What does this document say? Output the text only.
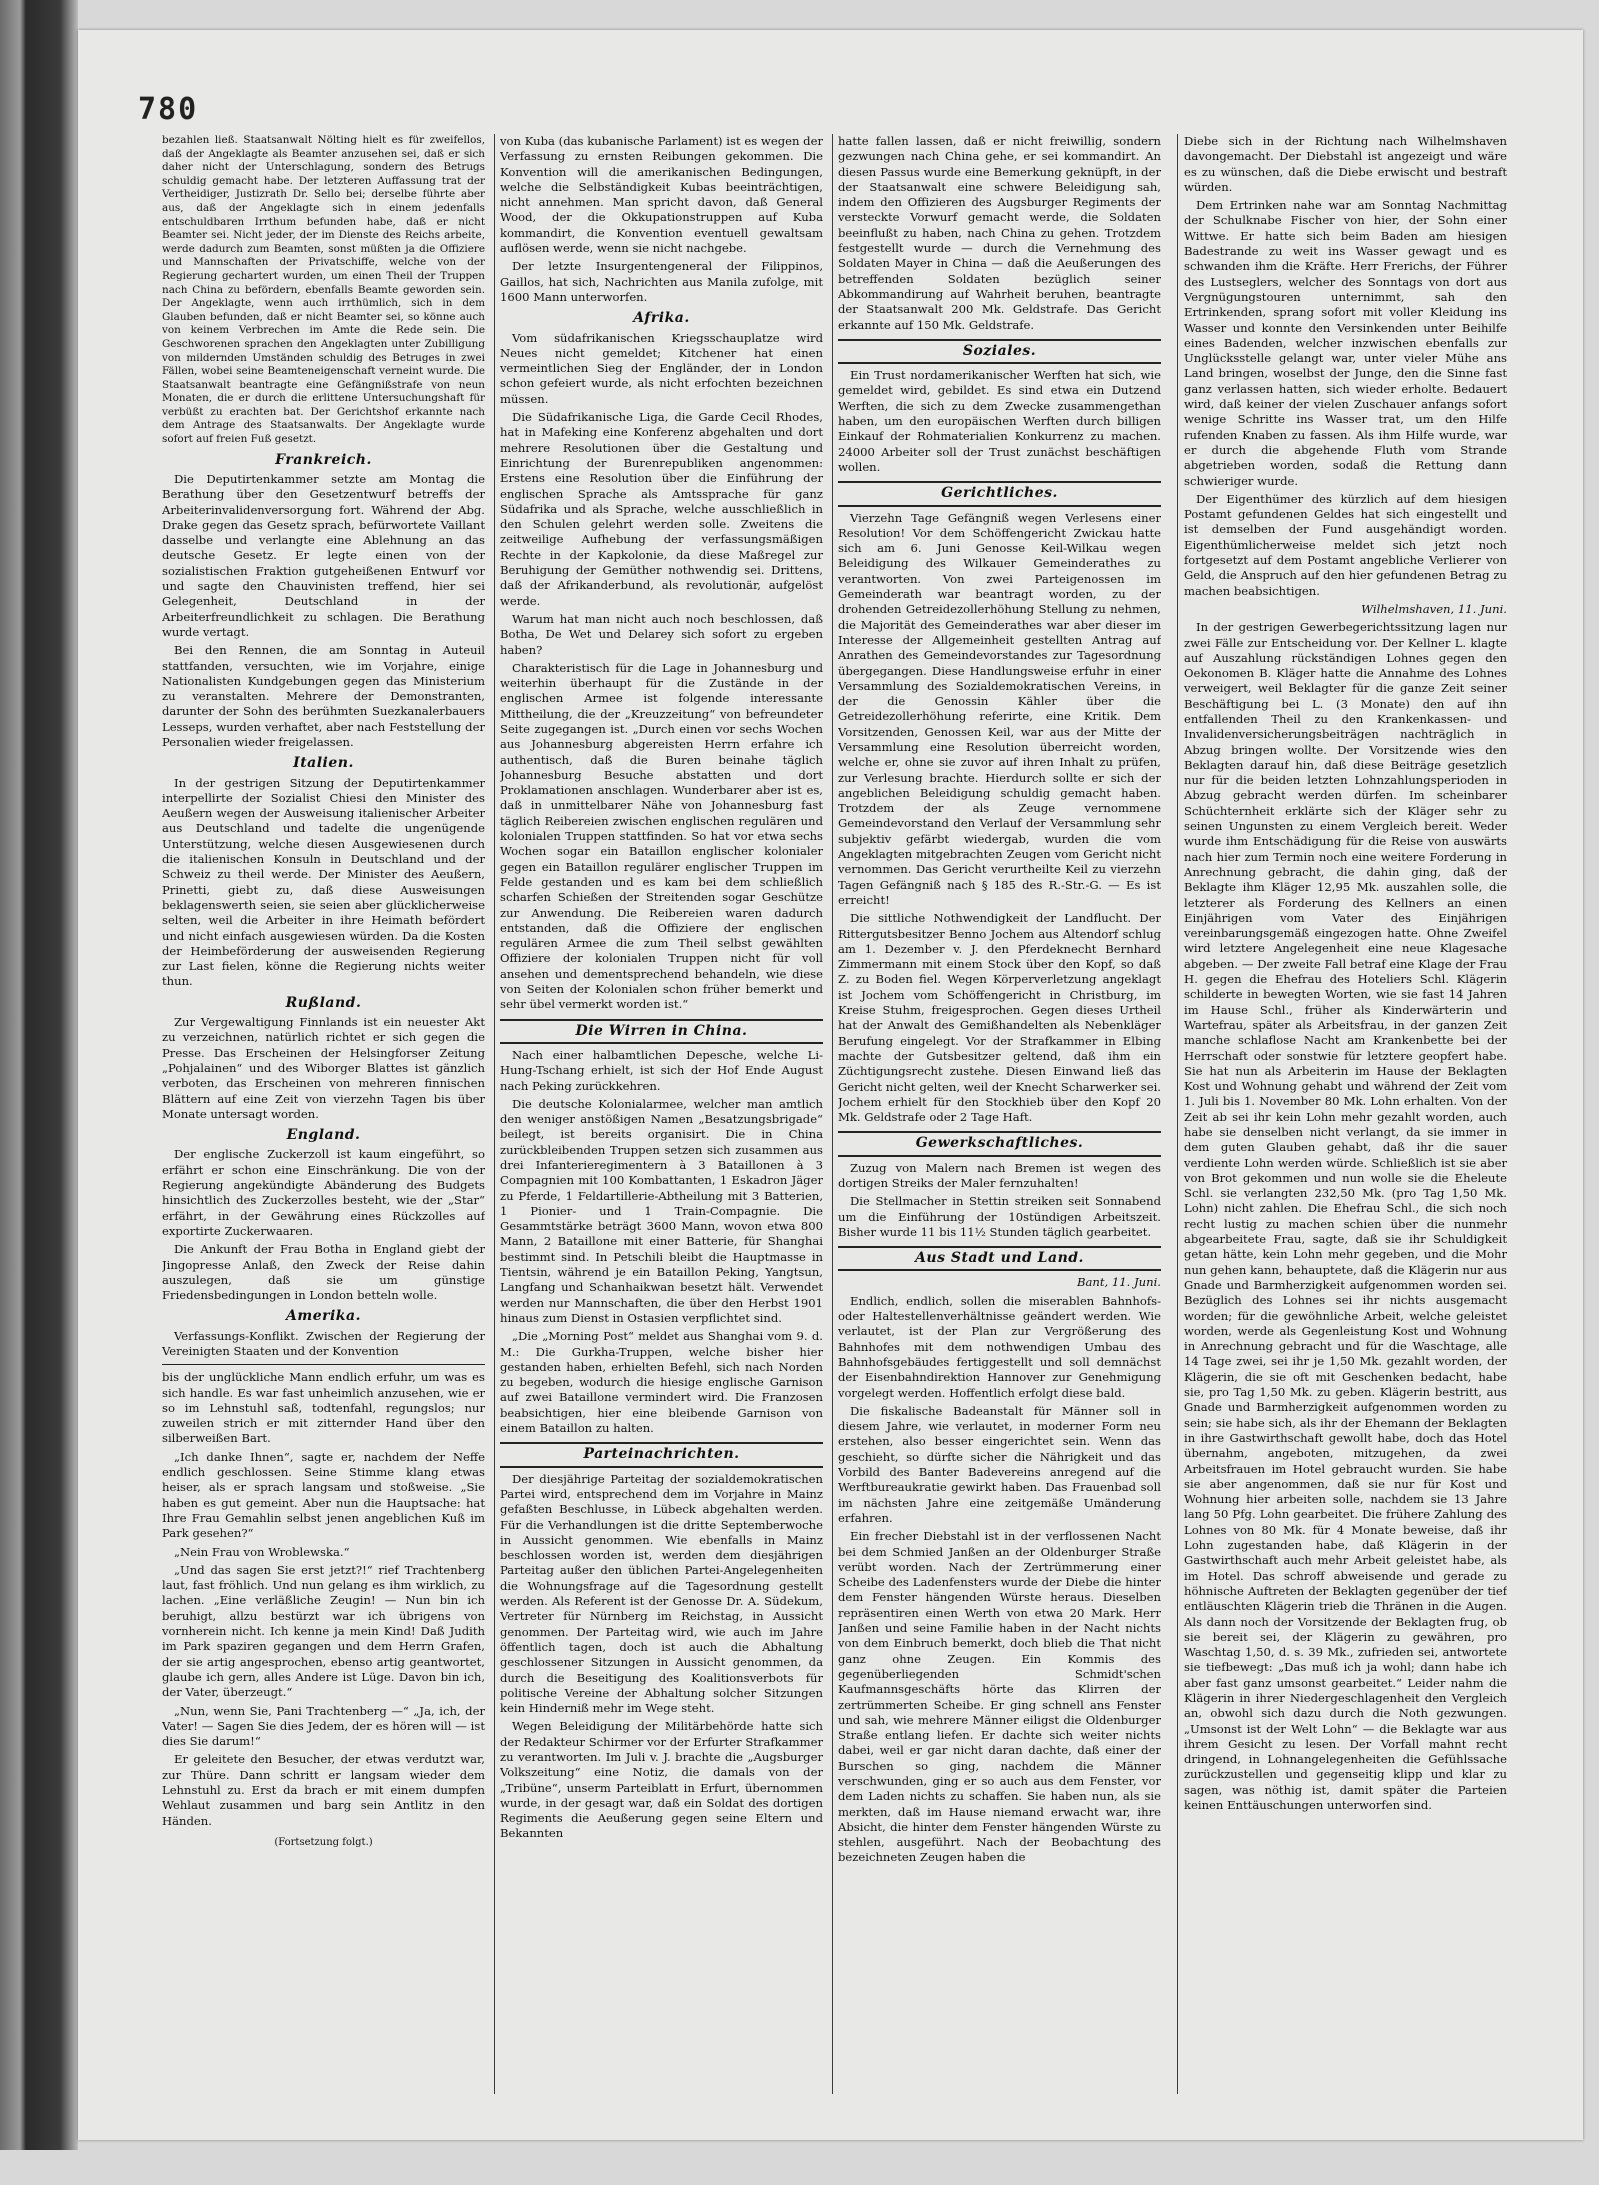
780

bezahlen ließ. Staatsanwalt Nölting hielt es für zweifellos, daß der Angeklagte als Beamter anzusehen sei, daß er sich daher nicht der Unterschlagung, sondern des Betrugs schuldig gemacht habe. Der letzteren Auffassung trat der Vertheidiger, Justizrath Dr. Sello bei; derselbe führte aber aus, daß der Angeklagte sich in einem jedenfalls entschuldbaren Irrthum befunden habe, daß er nicht Beamter sei. Nicht jeder, der im Dienste des Reichs arbeite, werde dadurch zum Beamten, sonst müßten ja die Offiziere und Mannschaften der Privatschiffe, welche von der Regierung gechartert wurden, um einen Theil der Truppen nach China zu befördern, ebenfalls Beamte geworden sein. Der Angeklagte, wenn auch irrthümlich, sich in dem Glauben befunden, daß er nicht Beamter sei, so könne auch von keinem Verbrechen im Amte die Rede sein. Die Geschworenen sprachen den Angeklagten unter Zubilligung von mildernden Umständen schuldig des Betruges in zwei Fällen, wobei seine Beamteneigenschaft verneint wurde. Die Staatsanwalt beantragte eine Gefängnißstrafe von neun Monaten, die er durch die erlittene Untersuchungshaft für verbüßt zu erachten bat. Der Gerichtshof erkannte nach dem Antrage des Staatsanwalts. Der Angeklagte wurde sofort auf freien Fuß gesetzt.

Frankreich.

Die Deputirtenkammer setzte am Montag die Berathung über den Gesetzentwurf betreffs der Arbeiterinvalidenversorgung fort. Während der Abg. Drake gegen das Gesetz sprach, befürwortete Vaillant dasselbe und verlangte eine Ablehnung an das deutsche Gesetz. Er legte einen von der sozialistischen Fraktion gutgeheißenen Entwurf vor und sagte den Chauvinisten treffend, hier sei Gelegenheit, Deutschland in der Arbeiterfreundlichkeit zu schlagen. Die Berathung wurde vertagt.

Bei den Rennen, die am Sonntag in Auteuil stattfanden, versuchten, wie im Vorjahre, einige Nationalisten Kundgebungen gegen das Ministerium zu veranstalten. Mehrere der Demonstranten, darunter der Sohn des berühmten Suezkanalerbauers Lesseps, wurden verhaftet, aber nach Feststellung der Personalien wieder freigelassen.

Italien.

In der gestrigen Sitzung der Deputirtenkammer interpellirte der Sozialist Chiesi den Minister des Aeußern wegen der Ausweisung italienischer Arbeiter aus Deutschland und tadelte die ungenügende Unterstützung, welche diesen Ausgewiesenen durch die italienischen Konsuln in Deutschland und der Schweiz zu theil werde. Der Minister des Aeußern, Prinetti, giebt zu, daß diese Ausweisungen beklagenswerth seien, sie seien aber glücklicherweise selten, weil die Arbeiter in ihre Heimath befördert und nicht einfach ausgewiesen würden. Da die Kosten der Heimbeförderung der ausweisenden Regierung zur Last fielen, könne die Regierung nichts weiter thun.

Rußland.

Zur Vergewaltigung Finnlands ist ein neuester Akt zu verzeichnen, natürlich richtet er sich gegen die Presse. Das Erscheinen der Helsingforser Zeitung „Pohjalainen“ und des Wiborger Blattes ist gänzlich verboten, das Erscheinen von mehreren finnischen Blättern auf eine Zeit von vierzehn Tagen bis über Monate untersagt worden.

England.

Der englische Zuckerzoll ist kaum eingeführt, so erfährt er schon eine Einschränkung. Die von der Regierung angekündigte Abänderung des Budgets hinsichtlich des Zuckerzolles besteht, wie der „Star“ erfährt, in der Gewährung eines Rückzolles auf exportirte Zuckerwaaren.

Die Ankunft der Frau Botha in England giebt der Jingopresse Anlaß, den Zweck der Reise dahin auszulegen, daß sie um günstige Friedensbedingungen in London betteln wolle.

Amerika.

Verfassungs-Konflikt. Zwischen der Regierung der Vereinigten Staaten und der Konvention

bis der unglückliche Mann endlich erfuhr, um was es sich handle. Es war fast unheimlich anzusehen, wie er so im Lehnstuhl saß, todtenfahl, regungslos; nur zuweilen strich er mit zitternder Hand über den silberweißen Bart.

„Ich danke Ihnen“, sagte er, nachdem der Neffe endlich geschlossen. Seine Stimme klang etwas heiser, als er sprach langsam und stoßweise. „Sie haben es gut gemeint. Aber nun die Hauptsache: hat Ihre Frau Gemahlin selbst jenen angeblichen Kuß im Park gesehen?“

„Nein Frau von Wroblewska.“

„Und das sagen Sie erst jetzt?!“ rief Trachtenberg laut, fast fröhlich. Und nun gelang es ihm wirklich, zu lachen. „Eine verläßliche Zeugin! — Nun bin ich beruhigt, allzu bestürzt war ich übrigens von vornherein nicht. Ich kenne ja mein Kind! Daß Judith im Park spaziren gegangen und dem Herrn Grafen, der sie artig angesprochen, ebenso artig geantwortet, glaube ich gern, alles Andere ist Lüge. Davon bin ich, der Vater, überzeugt.“

„Nun, wenn Sie, Pani Trachtenberg —“ „Ja, ich, der Vater! — Sagen Sie dies Jedem, der es hören will — ist dies Sie darum!“

Er geleitete den Besucher, der etwas verdutzt war, zur Thüre. Dann schritt er langsam wieder dem Lehnstuhl zu. Erst da brach er mit einem dumpfen Wehlaut zusammen und barg sein Antlitz in den Händen.

(Fortsetzung folgt.)

von Kuba (das kubanische Parlament) ist es wegen der Verfassung zu ernsten Reibungen gekommen. Die Konvention will die amerikanischen Bedingungen, welche die Selbständigkeit Kubas beeinträchtigen, nicht annehmen. Man spricht davon, daß General Wood, der die Okkupationstruppen auf Kuba kommandirt, die Konvention eventuell gewaltsam auflösen werde, wenn sie nicht nachgebe.

Der letzte Insurgentengeneral der Filippinos, Gaillos, hat sich, Nachrichten aus Manila zufolge, mit 1600 Mann unterworfen.

Afrika.

Vom südafrikanischen Kriegsschauplatze wird Neues nicht gemeldet; Kitchener hat einen vermeintlichen Sieg der Engländer, der in London schon gefeiert wurde, als nicht erfochten bezeichnen müssen.

Die Südafrikanische Liga, die Garde Cecil Rhodes, hat in Mafeking eine Konferenz abgehalten und dort mehrere Resolutionen über die Gestaltung und Einrichtung der Burenrepubliken angenommen: Erstens eine Resolution über die Einführung der englischen Sprache als Amtssprache für ganz Südafrika und als Sprache, welche ausschließlich in den Schulen gelehrt werden solle. Zweitens die zeitweilige Aufhebung der verfassungsmäßigen Rechte in der Kapkolonie, da diese Maßregel zur Beruhigung der Gemüther nothwendig sei. Drittens, daß der Afrikanderbund, als revolutionär, aufgelöst werde.

Warum hat man nicht auch noch beschlossen, daß Botha, De Wet und Delarey sich sofort zu ergeben haben?

Charakteristisch für die Lage in Johannesburg und weiterhin überhaupt für die Zustände in der englischen Armee ist folgende interessante Mittheilung, die der „Kreuzzeitung“ von befreundeter Seite zugegangen ist. „Durch einen vor sechs Wochen aus Johannesburg abgereisten Herrn erfahre ich authentisch, daß die Buren beinahe täglich Johannesburg Besuche abstatten und dort Proklamationen anschlagen. Wunderbarer aber ist es, daß in unmittelbarer Nähe von Johannesburg fast täglich Reibereien zwischen englischen regulären und kolonialen Truppen stattfinden. So hat vor etwa sechs Wochen sogar ein Bataillon englischer kolonialer gegen ein Bataillon regulärer englischer Truppen im Felde gestanden und es kam bei dem schließlich scharfen Schießen der Streitenden sogar Geschütze zur Anwendung. Die Reibereien waren dadurch entstanden, daß die Offiziere der englischen regulären Armee die zum Theil selbst gewählten Offiziere der kolonialen Truppen nicht für voll ansehen und dementsprechend behandeln, wie diese von Seiten der Kolonialen schon früher bemerkt und sehr übel vermerkt worden ist.“

Die Wirren in China.

Nach einer halbamtlichen Depesche, welche Li-Hung-Tschang erhielt, ist sich der Hof Ende August nach Peking zurückkehren.

Die deutsche Kolonialarmee, welcher man amtlich den weniger anstößigen Namen „Besatzungsbrigade“ beilegt, ist bereits organisirt. Die in China zurückbleibenden Truppen setzen sich zusammen aus drei Infanterieregimentern à 3 Bataillonen à 3 Compagnien mit 100 Kombattanten, 1 Eskadron Jäger zu Pferde, 1 Feldartillerie-Abtheilung mit 3 Batterien, 1 Pionier- und 1 Train-Compagnie. Die Gesammtstärke beträgt 3600 Mann, wovon etwa 800 Mann, 2 Bataillone mit einer Batterie, für Shanghai bestimmt sind. In Petschili bleibt die Hauptmasse in Tientsin, während je ein Bataillon Peking, Yangtsun, Langfang und Schanhaikwan besetzt hält. Verwendet werden nur Mannschaften, die über den Herbst 1901 hinaus zum Dienst in Ostasien verpflichtet sind.

„Die „Morning Post“ meldet aus Shanghai vom 9. d. M.: Die Gurkha-Truppen, welche bisher hier gestanden haben, erhielten Befehl, sich nach Norden zu begeben, wodurch die hiesige englische Garnison auf zwei Bataillone vermindert wird. Die Franzosen beabsichtigen, hier eine bleibende Garnison von einem Bataillon zu halten.

Parteinachrichten.

Der diesjährige Parteitag der sozialdemokratischen Partei wird, entsprechend dem im Vorjahre in Mainz gefaßten Beschlusse, in Lübeck abgehalten werden. Für die Verhandlungen ist die dritte Septemberwoche in Aussicht genommen. Wie ebenfalls in Mainz beschlossen worden ist, werden dem diesjährigen Parteitag außer den üblichen Partei-Angelegenheiten die Wohnungsfrage auf die Tagesordnung gestellt werden. Als Referent ist der Genosse Dr. A. Südekum, Vertreter für Nürnberg im Reichstag, in Aussicht genommen. Der Parteitag wird, wie auch im Jahre öffentlich tagen, doch ist auch die Abhaltung geschlossener Sitzungen in Aussicht genommen, da durch die Beseitigung des Koalitionsverbots für politische Vereine der Abhaltung solcher Sitzungen kein Hinderniß mehr im Wege steht.

Wegen Beleidigung der Militärbehörde hatte sich der Redakteur Schirmer vor der Erfurter Strafkammer zu verantworten. Im Juli v. J. brachte die „Augsburger Volkszeitung“ eine Notiz, die damals von der „Tribüne“, unserm Parteiblatt in Erfurt, übernommen wurde, in der gesagt war, daß ein Soldat des dortigen Regiments die Aeußerung gegen seine Eltern und Bekannten

hatte fallen lassen, daß er nicht freiwillig, sondern gezwungen nach China gehe, er sei kommandirt. An diesen Passus wurde eine Bemerkung geknüpft, in der der Staatsanwalt eine schwere Beleidigung sah, indem den Offizieren des Augsburger Regiments der versteckte Vorwurf gemacht werde, die Soldaten beeinflußt zu haben, nach China zu gehen. Trotzdem festgestellt wurde — durch die Vernehmung des Soldaten Mayer in China — daß die Aeußerungen des betreffenden Soldaten bezüglich seiner Abkommandirung auf Wahrheit beruhen, beantragte der Staatsanwalt 200 Mk. Geldstrafe. Das Gericht erkannte auf 150 Mk. Geldstrafe.

Soziales.

Ein Trust nordamerikanischer Werften hat sich, wie gemeldet wird, gebildet. Es sind etwa ein Dutzend Werften, die sich zu dem Zwecke zusammengethan haben, um den europäischen Werften durch billigen Einkauf der Rohmaterialien Konkurrenz zu machen. 24000 Arbeiter soll der Trust zunächst beschäftigen wollen.

Gerichtliches.

Vierzehn Tage Gefängniß wegen Verlesens einer Resolution! Vor dem Schöffengericht Zwickau hatte sich am 6. Juni Genosse Keil-Wilkau wegen Beleidigung des Wilkauer Gemeinderathes zu verantworten. Von zwei Parteigenossen im Gemeinderath war beantragt worden, zu der drohenden Getreidezollerhöhung Stellung zu nehmen, die Majorität des Gemeinderathes war aber dieser im Interesse der Allgemeinheit gestellten Antrag auf Anrathen des Gemeindevorstandes zur Tagesordnung übergegangen. Diese Handlungsweise erfuhr in einer Versammlung des Sozialdemokratischen Vereins, in der die Genossin Kähler über die Getreidezollerhöhung referirte, eine Kritik. Dem Vorsitzenden, Genossen Keil, war aus der Mitte der Versammlung eine Resolution überreicht worden, welche er, ohne sie zuvor auf ihren Inhalt zu prüfen, zur Verlesung brachte. Hierdurch sollte er sich der angeblichen Beleidigung schuldig gemacht haben. Trotzdem der als Zeuge vernommene Gemeindevorstand den Verlauf der Versammlung sehr subjektiv gefärbt wiedergab, wurden die vom Angeklagten mitgebrachten Zeugen vom Gericht nicht vernommen. Das Gericht verurtheilte Keil zu vierzehn Tagen Gefängniß nach § 185 des R.-Str.-G. — Es ist erreicht!

Die sittliche Nothwendigkeit der Landflucht. Der Rittergutsbesitzer Benno Jochem aus Altendorf schlug am 1. Dezember v. J. den Pferdeknecht Bernhard Zimmermann mit einem Stock über den Kopf, so daß Z. zu Boden fiel. Wegen Körperverletzung angeklagt ist Jochem vom Schöffengericht in Christburg, im Kreise Stuhm, freigesprochen. Gegen dieses Urtheil hat der Anwalt des Gemißhandelten als Nebenkläger Berufung eingelegt. Vor der Strafkammer in Elbing machte der Gutsbesitzer geltend, daß ihm ein Züchtigungsrecht zustehe. Diesen Einwand ließ das Gericht nicht gelten, weil der Knecht Scharwerker sei. Jochem erhielt für den Stockhieb über den Kopf 20 Mk. Geldstrafe oder 2 Tage Haft.

Gewerkschaftliches.

Zuzug von Malern nach Bremen ist wegen des dortigen Streiks der Maler fernzuhalten!

Die Stellmacher in Stettin streiken seit Sonnabend um die Einführung der 10stündigen Arbeitszeit. Bisher wurde 11 bis 11½ Stunden täglich gearbeitet.

Aus Stadt und Land.

Bant, 11. Juni.

Endlich, endlich, sollen die miserablen Bahnhofs- oder Haltestellenverhältnisse geändert werden. Wie verlautet, ist der Plan zur Vergrößerung des Bahnhofes mit dem nothwendigen Umbau des Bahnhofsgebäudes fertiggestellt und soll demnächst der Eisenbahndirektion Hannover zur Genehmigung vorgelegt werden. Hoffentlich erfolgt diese bald.

Die fiskalische Badeanstalt für Männer soll in diesem Jahre, wie verlautet, in moderner Form neu erstehen, also besser eingerichtet sein. Wenn das geschieht, so dürfte sicher die Nährigkeit und das Vorbild des Banter Badevereins anregend auf die Werftbureaukratie gewirkt haben. Das Frauenbad soll im nächsten Jahre eine zeitgemäße Umänderung erfahren.

Ein frecher Diebstahl ist in der verflossenen Nacht bei dem Schmied Janßen an der Oldenburger Straße verübt worden. Nach der Zertrümmerung einer Scheibe des Ladenfensters wurde der Diebe die hinter dem Fenster hängenden Würste heraus. Dieselben repräsentiren einen Werth von etwa 20 Mark. Herr Janßen und seine Familie haben in der Nacht nichts von dem Einbruch bemerkt, doch blieb die That nicht ganz ohne Zeugen. Ein Kommis des gegenüberliegenden Schmidt'schen Kaufmannsgeschäfts hörte das Klirren der zertrümmerten Scheibe. Er ging schnell ans Fenster und sah, wie mehrere Männer eiligst die Oldenburger Straße entlang liefen. Er dachte sich weiter nichts dabei, weil er gar nicht daran dachte, daß einer der Burschen so ging, nachdem die Männer verschwunden, ging er so auch aus dem Fenster, vor dem Laden nichts zu schaffen. Sie haben nun, als sie merkten, daß im Hause niemand erwacht war, ihre Absicht, die hinter dem Fenster hängenden Würste zu stehlen, ausgeführt. Nach der Beobachtung des bezeichneten Zeugen haben die

Diebe sich in der Richtung nach Wilhelmshaven davongemacht. Der Diebstahl ist angezeigt und wäre es zu wünschen, daß die Diebe erwischt und bestraft würden.

Dem Ertrinken nahe war am Sonntag Nachmittag der Schulknabe Fischer von hier, der Sohn einer Wittwe. Er hatte sich beim Baden am hiesigen Badestrande zu weit ins Wasser gewagt und es schwanden ihm die Kräfte. Herr Frerichs, der Führer des Lustseglers, welcher des Sonntags von dort aus Vergnügungstouren unternimmt, sah den Ertrinkenden, sprang sofort mit voller Kleidung ins Wasser und konnte den Versinkenden unter Beihilfe eines Badenden, welcher inzwischen ebenfalls zur Unglücksstelle gelangt war, unter vieler Mühe ans Land bringen, woselbst der Junge, den die Sinne fast ganz verlassen hatten, sich wieder erholte. Bedauert wird, daß keiner der vielen Zuschauer anfangs sofort wenige Schritte ins Wasser trat, um den Hilfe rufenden Knaben zu fassen. Als ihm Hilfe wurde, war er durch die abgehende Fluth vom Strande abgetrieben worden, sodaß die Rettung dann schwieriger wurde.

Der Eigenthümer des kürzlich auf dem hiesigen Postamt gefundenen Geldes hat sich eingestellt und ist demselben der Fund ausgehändigt worden. Eigenthümlicherweise meldet sich jetzt noch fortgesetzt auf dem Postamt angebliche Verlierer von Geld, die Anspruch auf den hier gefundenen Betrag zu machen beabsichtigen.

Wilhelmshaven, 11. Juni.

In der gestrigen Gewerbegerichtssitzung lagen nur zwei Fälle zur Entscheidung vor. Der Kellner L. klagte auf Auszahlung rückständigen Lohnes gegen den Oekonomen B. Kläger hatte die Annahme des Lohnes verweigert, weil Beklagter für die ganze Zeit seiner Beschäftigung bei L. (3 Monate) den auf ihn entfallenden Theil zu den Krankenkassen- und Invalidenversicherungsbeiträgen nachträglich in Abzug bringen wollte. Der Vorsitzende wies den Beklagten darauf hin, daß diese Beiträge gesetzlich nur für die beiden letzten Lohnzahlungsperioden in Abzug gebracht werden dürfen. Im scheinbarer Schüchternheit erklärte sich der Kläger sehr zu seinen Ungunsten zu einem Vergleich bereit. Weder wurde ihm Entschädigung für die Reise von auswärts nach hier zum Termin noch eine weitere Forderung in Anrechnung gebracht, die dahin ging, daß der Beklagte ihm Kläger 12,95 Mk. auszahlen solle, die letzterer als Forderung des Kellners an einen Einjährigen vom Vater des Einjährigen vereinbarungsgemäß eingezogen hatte. Ohne Zweifel wird letztere Angelegenheit eine neue Klagesache abgeben. — Der zweite Fall betraf eine Klage der Frau H. gegen die Ehefrau des Hoteliers Schl. Klägerin schilderte in bewegten Worten, wie sie fast 14 Jahren im Hause Schl., früher als Kinderwärterin und Wartefrau, später als Arbeitsfrau, in der ganzen Zeit manche schlaflose Nacht am Krankenbette bei der Herrschaft oder sonstwie für letztere geopfert habe. Sie hat nun als Arbeiterin im Hause der Beklagten Kost und Wohnung gehabt und während der Zeit vom 1. Juli bis 1. November 80 Mk. Lohn erhalten. Von der Zeit ab sei ihr kein Lohn mehr gezahlt worden, auch habe sie denselben nicht verlangt, da sie immer in dem guten Glauben gehabt, daß ihr die sauer verdiente Lohn werden würde. Schließlich ist sie aber von Brot gekommen und nun wolle sie die Eheleute Schl. sie verlangten 232,50 Mk. (pro Tag 1,50 Mk. Lohn) nicht zahlen. Die Ehefrau Schl., die sich noch recht lustig zu machen schien über die nunmehr abgearbeitete Frau, sagte, daß sie ihr Schuldigkeit getan hätte, kein Lohn mehr gegeben, und die Mohr nun gehen kann, behauptete, daß die Klägerin nur aus Gnade und Barmherzigkeit aufgenommen worden sei. Bezüglich des Lohnes sei ihr nichts ausgemacht worden; für die gewöhnliche Arbeit, welche geleistet worden, werde als Gegenleistung Kost und Wohnung in Anrechnung gebracht und für die Waschtage, alle 14 Tage zwei, sei ihr je 1,50 Mk. gezahlt worden, der Klägerin, die sie oft mit Geschenken bedacht, habe sie, pro Tag 1,50 Mk. zu geben. Klägerin bestritt, aus Gnade und Barmherzigkeit aufgenommen worden zu sein; sie habe sich, als ihr der Ehemann der Beklagten in ihre Gastwirthschaft gewollt habe, doch das Hotel übernahm, angeboten, mitzugehen, da zwei Arbeitsfrauen im Hotel gebraucht wurden. Sie habe sie aber angenommen, daß sie nur für Kost und Wohnung hier arbeiten solle, nachdem sie 13 Jahre lang 50 Pfg. Lohn gearbeitet. Die frühere Zahlung des Lohnes von 80 Mk. für 4 Monate beweise, daß ihr Lohn zugestanden habe, daß Klägerin in der Gastwirthschaft auch mehr Arbeit geleistet habe, als im Hotel. Das schroff abweisende und gerade zu höhnische Auftreten der Beklagten gegenüber der tief entläuschten Klägerin trieb die Thränen in die Augen. Als dann noch der Vorsitzende der Beklagten frug, ob sie bereit sei, der Klägerin zu gewähren, pro Waschtag 1,50, d. s. 39 Mk., zufrieden sei, antwortete sie tiefbewegt: „Das muß ich ja wohl; dann habe ich aber fast ganz umsonst gearbeitet.“ Leider nahm die Klägerin in ihrer Niedergeschlagenheit den Vergleich an, obwohl sich dazu durch die Noth gezwungen. „Umsonst ist der Welt Lohn“ — die Beklagte war aus ihrem Gesicht zu lesen. Der Vorfall mahnt recht dringend, in Lohnangelegenheiten die Gefühlssache zurückzustellen und gegenseitig klipp und klar zu sagen, was nöthig ist, damit später die Parteien keinen Enttäuschungen unterworfen sind.
